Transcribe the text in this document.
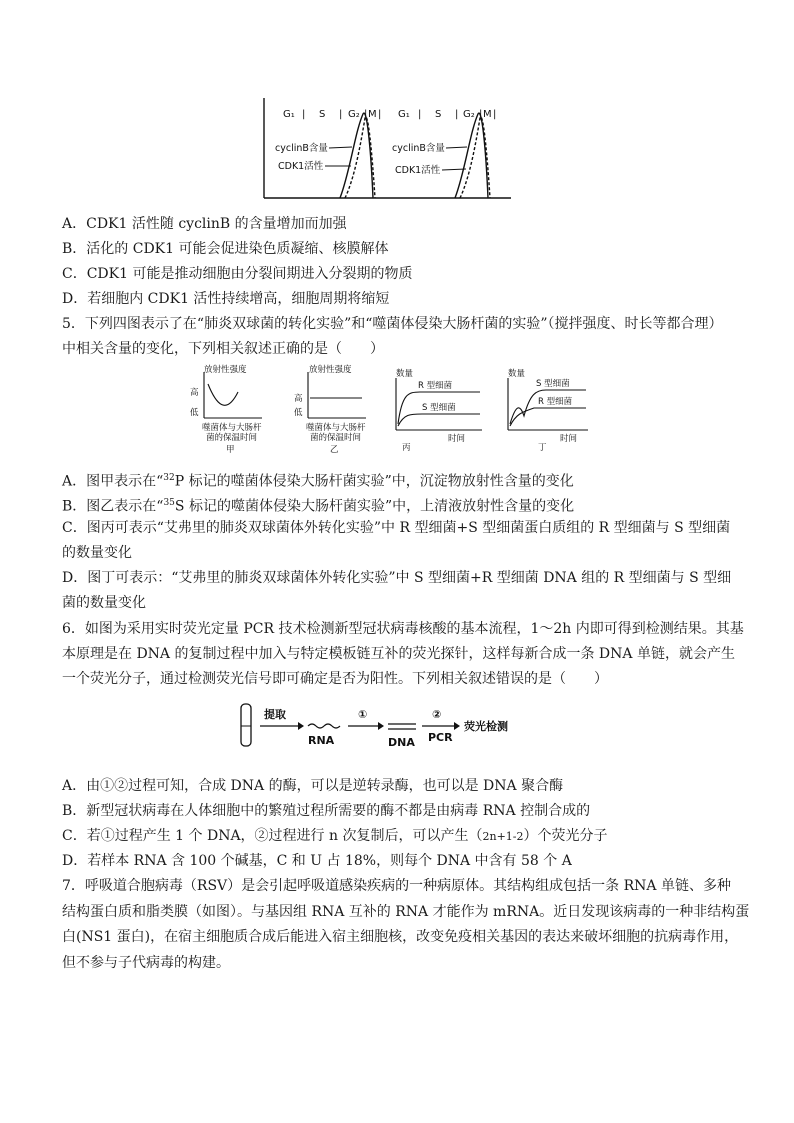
G₁ | S | G₂ | M | G₁ | S | G₂ | M |
cyclinB含量
CDK1活性
cyclinB含量
CDK1活性
A．CDK1 活性随 cyclinB 的含量增加而加强
B．活化的 CDK1 可能会促进染色质凝缩、核膜解体
C．CDK1 可能是推动细胞由分裂间期进入分裂期的物质
D．若细胞内 CDK1 活性持续增高，细胞周期将缩短
5．下列四图表示了在“肺炎双球菌的转化实验”和“噬菌体侵染大肠杆菌的实验”（搅拌强度、时长等都合理）
中相关含量的变化，下列相关叙述正确的是（　　）
放射性强度
高
低
噬菌体与大肠杆
菌的保温时间
甲
放射性强度
高
低
噬菌体与大肠杆
菌的保温时间
乙
数量
R 型细菌
S 型细菌
时间
丙
数量
S 型细菌
R 型细菌
时间
丁
A．图甲表示在“$^{32}$P 标记的噬菌体侵染大肠杆菌实验”中，沉淀物放射性含量的变化
B．图乙表示在“$^{35}$S 标记的噬菌体侵染大肠杆菌实验”中，上清液放射性含量的变化
C．图丙可表示“艾弗里的肺炎双球菌体外转化实验”中 R 型细菌+S 型细菌蛋白质组的 R 型细菌与 S 型细菌
的数量变化
D．图丁可表示：“艾弗里的肺炎双球菌体外转化实验”中 S 型细菌+R 型细菌 DNA 组的 R 型细菌与 S 型细
菌的数量变化
6．如图为采用实时荧光定量 PCR 技术检测新型冠状病毒核酸的基本流程，1～2h 内即可得到检测结果。其基
本原理是在 DNA 的复制过程中加入与特定模板链互补的荧光探针，这样每新合成一条 DNA 单链，就会产生
一个荧光分子，通过检测荧光信号即可确定是否为阳性。下列相关叙述错误的是（　　）
提取
RNA
①
DNA
②
PCR
荧光检测
A．由①②过程可知，合成 DNA 的酶，可以是逆转录酶，也可以是 DNA 聚合酶
B．新型冠状病毒在人体细胞中的繁殖过程所需要的酶不都是由病毒 RNA 控制合成的
C．若①过程产生 1 个 DNA，②过程进行 n 次复制后，可以产生（2n+1-2）个荧光分子
D．若样本 RNA 含 100 个碱基，C 和 U 占 18%，则每个 DNA 中含有 58 个 A
7．呼吸道合胞病毒（RSV）是会引起呼吸道感染疾病的一种病原体。其结构组成包括一条 RNA 单链、多种
结构蛋白质和脂类膜（如图）。与基因组 RNA 互补的 RNA 才能作为 mRNA。近日发现该病毒的一种非结构蛋
白(NS1 蛋白)，在宿主细胞质合成后能进入宿主细胞核，改变免疫相关基因的表达来破坏细胞的抗病毒作用，
但不参与子代病毒的构建。
